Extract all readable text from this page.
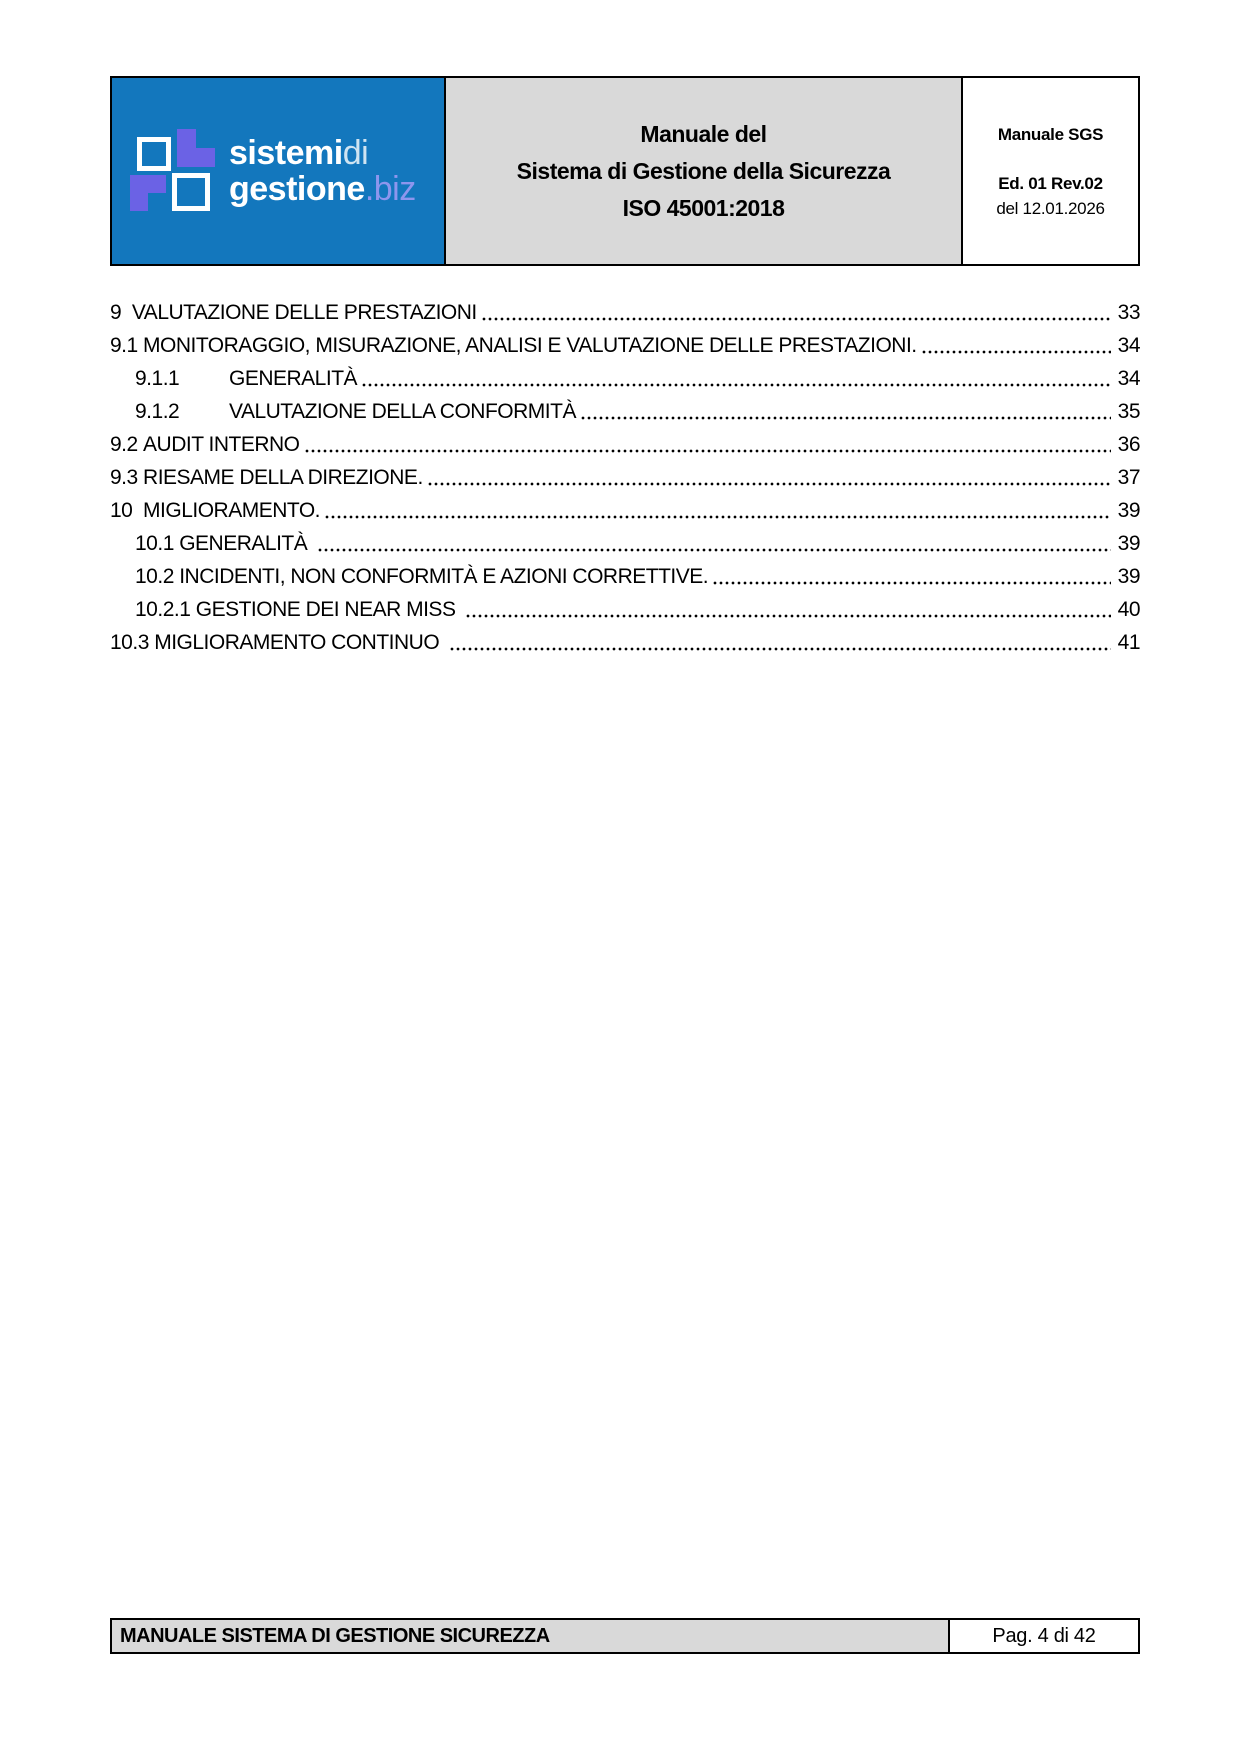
sistemidi
gestione.biz
Manuale del
Sistema di Gestione della Sicurezza
ISO 45001:2018
Manuale SGS
Ed. 01 Rev.02
del 12.01.2026
9 VALUTAZIONE DELLE PRESTAZIONI	33
9.1 MONITORAGGIO, MISURAZIONE, ANALISI E VALUTAZIONE DELLE PRESTAZIONI.	34
9.1.1	GENERALITÀ	34
9.1.2	VALUTAZIONE DELLA CONFORMITÀ	35
9.2 AUDIT INTERNO	36
9.3 RIESAME DELLA DIREZIONE.	37
10 MIGLIORAMENTO.	39
10.1 GENERALITÀ	39
10.2 INCIDENTI, NON CONFORMITÀ E AZIONI CORRETTIVE.	39
10.2.1 GESTIONE DEI NEAR MISS	40
10.3 MIGLIORAMENTO CONTINUO	41
MANUALE SISTEMA DI GESTIONE SICUREZZA	Pag. 4 di 42
